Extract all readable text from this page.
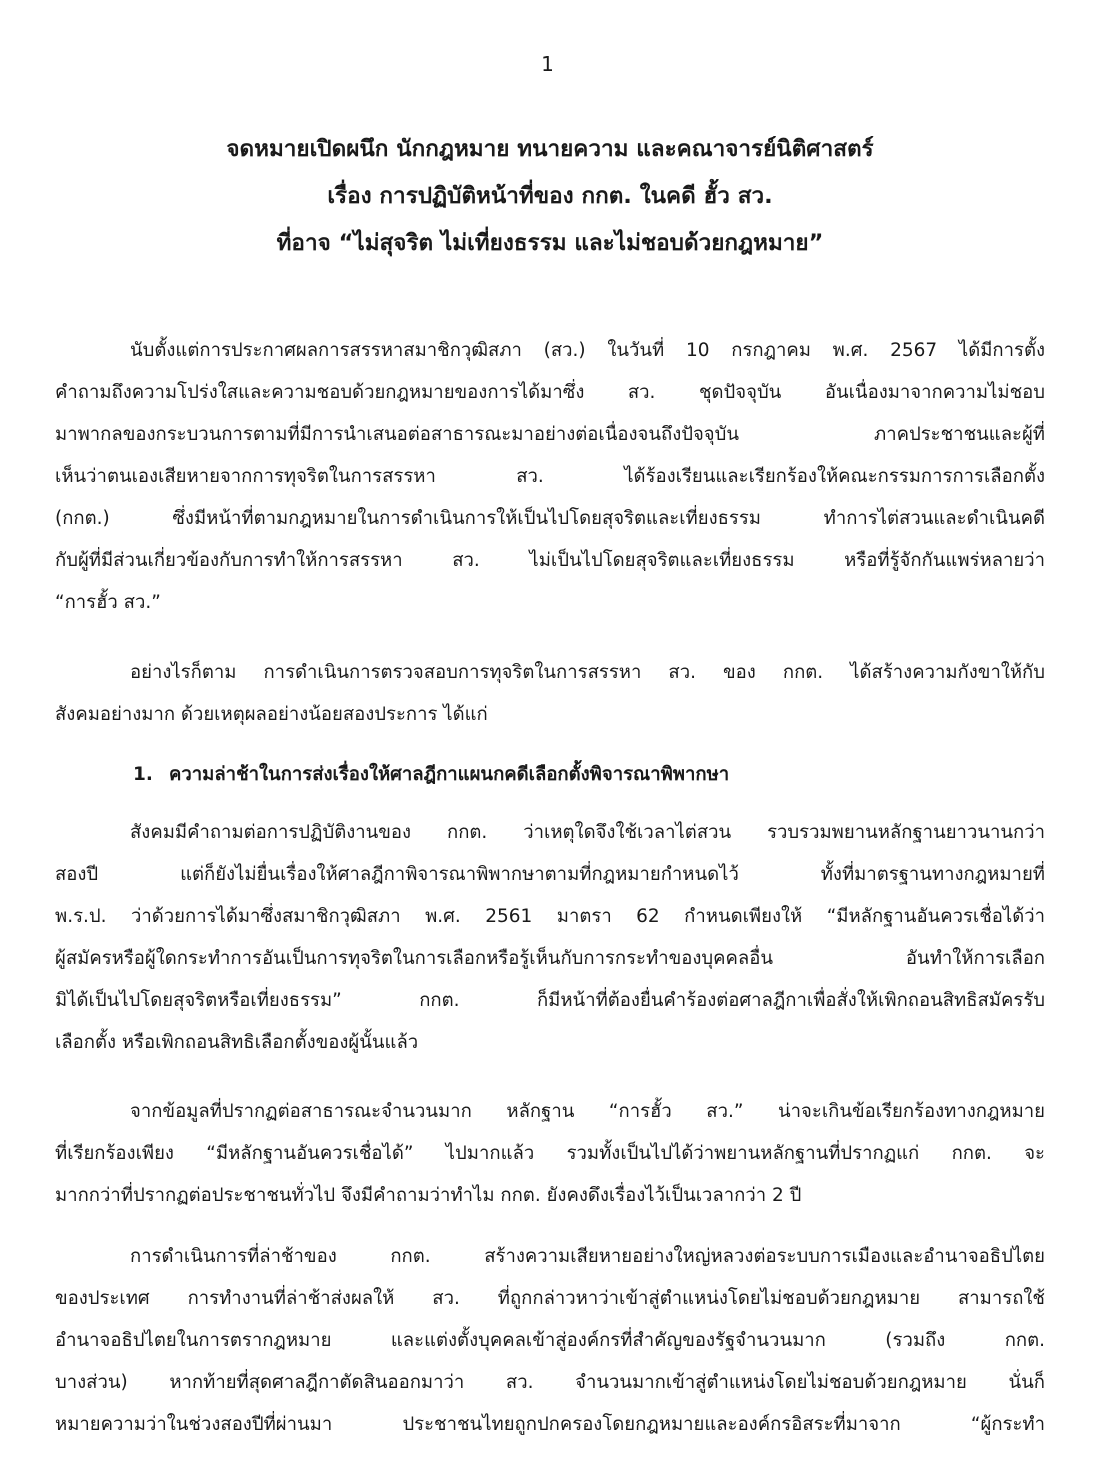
1
จดหมายเปิดผนึก นักกฎหมาย ทนายความ และคณาจารย์นิติศาสตร์
เรื่อง การปฏิบัติหน้าที่ของ กกต. ในคดี ฮั้ว สว.
ที่อาจ “ไม่สุจริต ไม่เที่ยงธรรม และไม่ชอบด้วยกฎหมาย”
นับตั้งแต่การประกาศผลการสรรหาสมาชิกวุฒิสภา (สว.) ในวันที่ 10 กรกฎาคม พ.ศ. 2567 ได้มีการตั้ง
คำถามถึงความโปร่งใสและความชอบด้วยกฎหมายของการได้มาซึ่ง สว. ชุดปัจจุบัน อันเนื่องมาจากความไม่ชอบ
มาพากลของกระบวนการตามที่มีการนำเสนอต่อสาธารณะมาอย่างต่อเนื่องจนถึงปัจจุบัน ภาคประชาชนและผู้ที่
เห็นว่าตนเองเสียหายจากการทุจริตในการสรรหา สว. ได้ร้องเรียนและเรียกร้องให้คณะกรรมการการเลือกตั้ง
(กกต.) ซึ่งมีหน้าที่ตามกฎหมายในการดำเนินการให้เป็นไปโดยสุจริตและเที่ยงธรรม ทำการไต่สวนและดำเนินคดี
กับผู้ที่มีส่วนเกี่ยวข้องกับการทำให้การสรรหา สว. ไม่เป็นไปโดยสุจริตและเที่ยงธรรม หรือที่รู้จักกันแพร่หลายว่า
“การฮั้ว สว.”
อย่างไรก็ตาม การดำเนินการตรวจสอบการทุจริตในการสรรหา สว. ของ กกต. ได้สร้างความกังขาให้กับ
สังคมอย่างมาก ด้วยเหตุผลอย่างน้อยสองประการ ได้แก่
1. ความล่าช้าในการส่งเรื่องให้ศาลฎีกาแผนกคดีเลือกตั้งพิจารณาพิพากษา
สังคมมีคำถามต่อการปฏิบัติงานของ กกต. ว่าเหตุใดจึงใช้เวลาไต่สวน รวบรวมพยานหลักฐานยาวนานกว่า
สองปี แต่ก็ยังไม่ยื่นเรื่องให้ศาลฎีกาพิจารณาพิพากษาตามที่กฎหมายกำหนดไว้ ทั้งที่มาตรฐานทางกฎหมายที่
พ.ร.ป. ว่าด้วยการได้มาซึ่งสมาชิกวุฒิสภา พ.ศ. 2561 มาตรา 62 กำหนดเพียงให้ “มีหลักฐานอันควรเชื่อได้ว่า
ผู้สมัครหรือผู้ใดกระทำการอันเป็นการทุจริตในการเลือกหรือรู้เห็นกับการกระทำของบุคคลอื่น อันทำให้การเลือก
มิได้เป็นไปโดยสุจริตหรือเที่ยงธรรม” กกต. ก็มีหน้าที่ต้องยื่นคำร้องต่อศาลฎีกาเพื่อสั่งให้เพิกถอนสิทธิสมัครรับ
เลือกตั้ง หรือเพิกถอนสิทธิเลือกตั้งของผู้นั้นแล้ว
จากข้อมูลที่ปรากฏต่อสาธารณะจำนวนมาก หลักฐาน “การฮั้ว สว.” น่าจะเกินข้อเรียกร้องทางกฎหมาย
ที่เรียกร้องเพียง “มีหลักฐานอันควรเชื่อได้” ไปมากแล้ว รวมทั้งเป็นไปได้ว่าพยานหลักฐานที่ปรากฏแก่ กกต. จะ
มากกว่าที่ปรากฏต่อประชาชนทั่วไป จึงมีคำถามว่าทำไม กกต. ยังคงดึงเรื่องไว้เป็นเวลากว่า 2 ปี
การดำเนินการที่ล่าช้าของ กกต. สร้างความเสียหายอย่างใหญ่หลวงต่อระบบการเมืองและอำนาจอธิปไตย
ของประเทศ การทำงานที่ล่าช้าส่งผลให้ สว. ที่ถูกกล่าวหาว่าเข้าสู่ตำแหน่งโดยไม่ชอบด้วยกฎหมาย สามารถใช้
อำนาจอธิปไตยในการตรากฎหมาย และแต่งตั้งบุคคลเข้าสู่องค์กรที่สำคัญของรัฐจำนวนมาก (รวมถึง กกต.
บางส่วน) หากท้ายที่สุดศาลฎีกาตัดสินออกมาว่า สว. จำนวนมากเข้าสู่ตำแหน่งโดยไม่ชอบด้วยกฎหมาย นั่นก็
หมายความว่าในช่วงสองปีที่ผ่านมา ประชาชนไทยถูกปกครองโดยกฎหมายและองค์กรอิสระที่มาจาก “ผู้กระทำ
